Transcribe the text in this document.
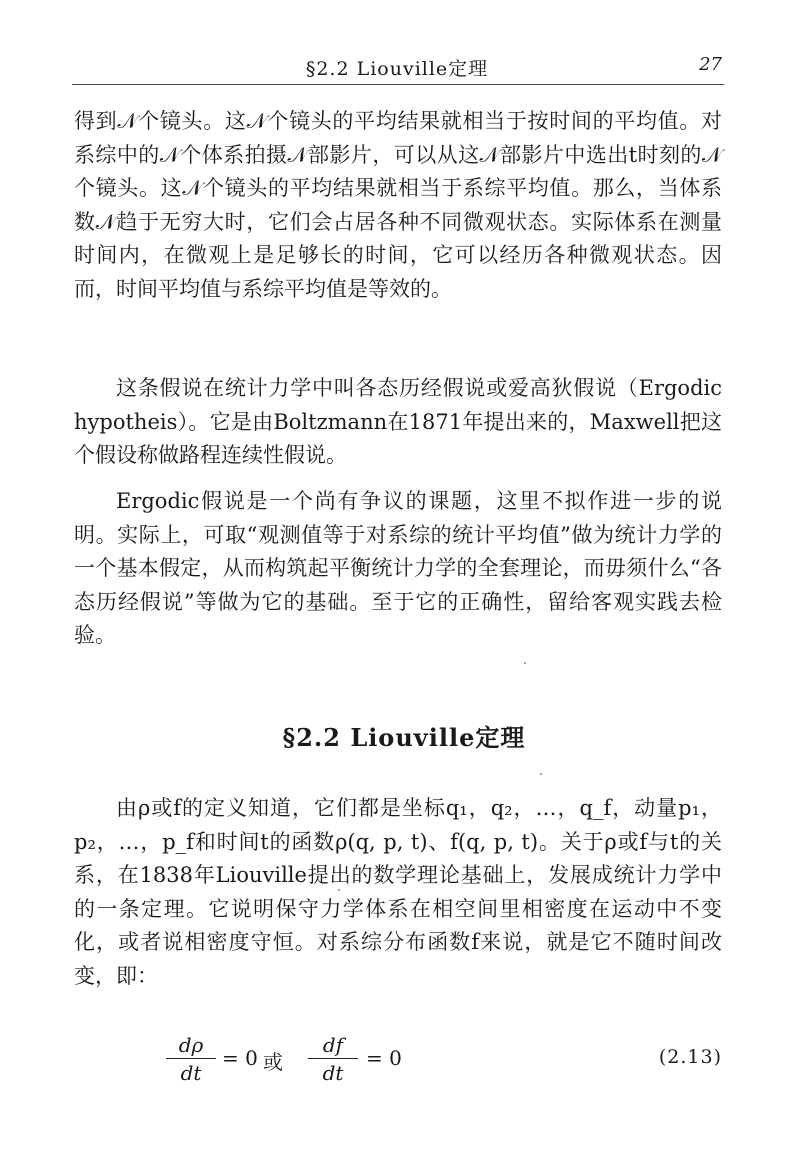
§2.2 Liouville定理	27

得到𝒩个镜头。这𝒩个镜头的平均结果就相当于按时间的平均值。对系综中的𝒩个体系拍摄𝒩部影片，可以从这𝒩部影片中选出t时刻的𝒩个镜头。这𝒩个镜头的平均结果就相当于系综平均值。那么，当体系数𝒩趋于无穷大时，它们会占居各种不同微观状态。实际体系在测量时间内，在微观上是足够长的时间，它可以经历各种微观状态。因而，时间平均值与系综平均值是等效的。

这条假说在统计力学中叫各态历经假说或爱高狄假说（Ergodic hypotheis）。它是由Boltzmann在1871年提出来的，Maxwell把这个假设称做路程连续性假说。

Ergodic假说是一个尚有争议的课题，这里不拟作进一步的说明。实际上，可取“观测值等于对系综的统计平均值”做为统计力学的一个基本假定，从而构筑起平衡统计力学的全套理论，而毋须什么“各态历经假说”等做为它的基础。至于它的正确性，留给客观实践去检验。

§2.2 Liouville定理

由ρ或f的定义知道，它们都是坐标q₁，q₂，…，q_f，动量p₁，p₂，…，p_f和时间t的函数ρ(q, p, t)、f(q, p, t)。关于ρ或f与t的关系，在1838年Liouville提出的数学理论基础上，发展成统计力学中的一条定理。它说明保守力学体系在相空间里相密度在运动中不变化，或者说相密度守恒。对系综分布函数f来说，就是它不随时间改变，即：

$\frac{d\rho}{dt} = 0$ 或 $\frac{df}{dt} = 0$	(2.13)
